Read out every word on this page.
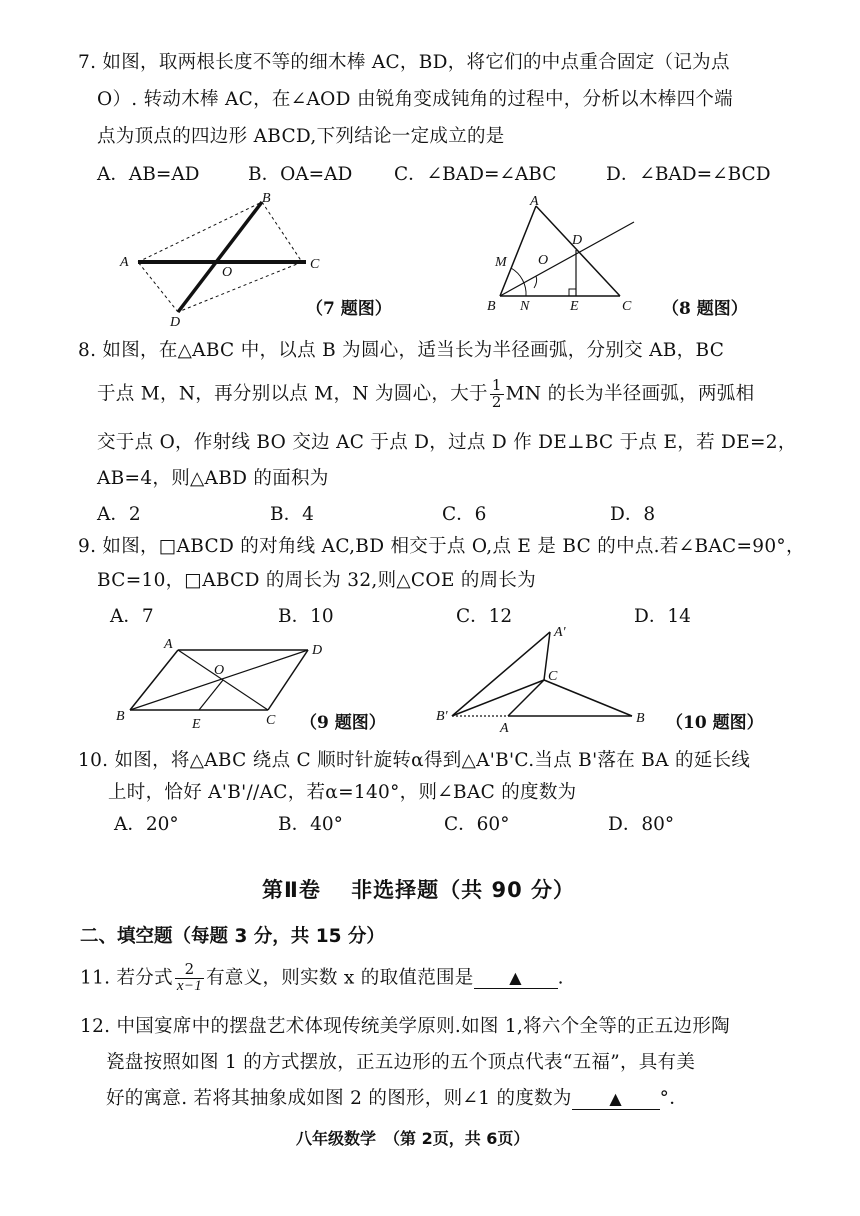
7. 如图，取两根长度不等的细木棒 AC，BD，将它们的中点重合固定（记为点
O）. 转动木棒 AC，在∠AOD 由锐角变成钝角的过程中，分析以木棒四个端
点为顶点的四边形 ABCD,下列结论一定成立的是
A．AB=AD	B．OA=AD C．∠BAD=∠ABC	D．∠BAD=∠BCD
A
B
C
D
O
（7 题图）
A
B	C
D
E
M
N
O
（8 题图）
8. 如图，在△ABC 中，以点 B 为圆心，适当长为半径画弧，分别交 AB，BC
于点 M，N，再分别以点 M，N 为圆心，大于 $\frac{1}{2}$ MN 的长为半径画弧，两弧相
交于点 O，作射线 BO 交边 AC 于点 D，过点 D 作 DE⊥BC 于点 E，若 DE=2，
AB=4，则△ABD 的面积为
A．2	B．4	C．6	D．8
9. 如图，□ABCD 的对角线 AC,BD 相交于点 O,点 E 是 BC 的中点.若∠BAC=90°，
BC=10，□ABCD 的周长为 32,则△COE 的周长为
A．7	B．10	C．12	D．14
A
B	C
D
E
O
（9 题图）
A'
B'
C
A
B （10 题图）
10. 如图，将△ABC 绕点 C 顺时针旋转α得到△A'B'C.当点 B'落在 BA 的延长线
上时，恰好 A'B'//AC，若α=140°，则∠BAC 的度数为
A．20°	B．40°	C．60°	D．80°
第Ⅱ卷　 非选择题（共 90 分）
二、填空题（每题 3 分，共 15 分）
11. 若分式 $\frac{2}{x-1}$ 有意义，则实数 x 的取值范围是 ▲ .
12. 中国宴席中的摆盘艺术体现传统美学原则.如图 1,将六个全等的正五边形陶
瓷盘按照如图 1 的方式摆放，正五边形的五个顶点代表“五福”，具有美
好的寓意. 若将其抽象成如图 2 的图形，则∠1 的度数为 ▲ °．
八年级数学　（第 2页，共 6页）
